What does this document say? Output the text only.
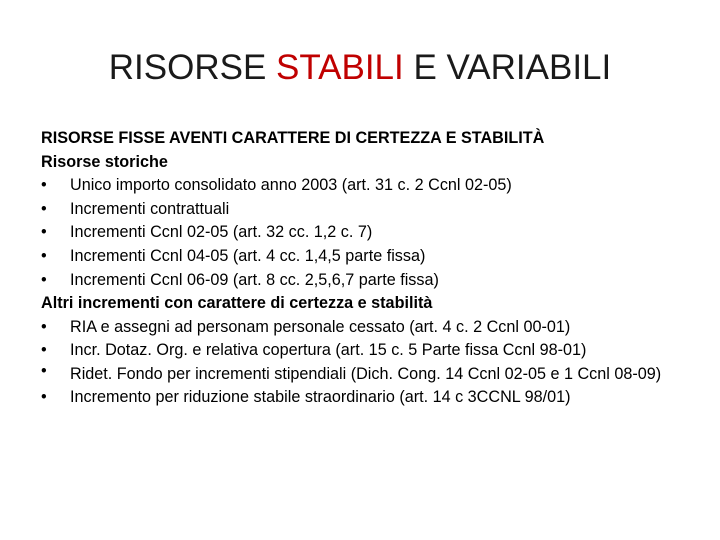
RISORSE STABILI E VARIABILI
RISORSE FISSE AVENTI CARATTERE DI CERTEZZA E STABILITÀ
Risorse storiche
•	Unico importo consolidato anno 2003 (art. 31 c. 2 Ccnl 02-05)
•	Incrementi contrattuali
•	Incrementi Ccnl 02-05 (art. 32 cc. 1,2 c. 7)
•	Incrementi Ccnl 04-05 (art. 4 cc. 1,4,5 parte fissa)
•	Incrementi Ccnl 06-09 (art. 8 cc. 2,5,6,7 parte fissa)
Altri incrementi con carattere di certezza e stabilità
•	RIA e assegni ad personam personale cessato (art. 4 c. 2 Ccnl 00-01)
•	Incr. Dotaz. Org. e relativa copertura (art. 15 c. 5 Parte fissa Ccnl 98-01)
•	Ridet. Fondo per incrementi stipendiali (Dich. Cong. 14 Ccnl 02-05 e 1 Ccnl 08-09)
•	Incremento per riduzione stabile straordinario (art. 14 c 3CCNL 98/01)
